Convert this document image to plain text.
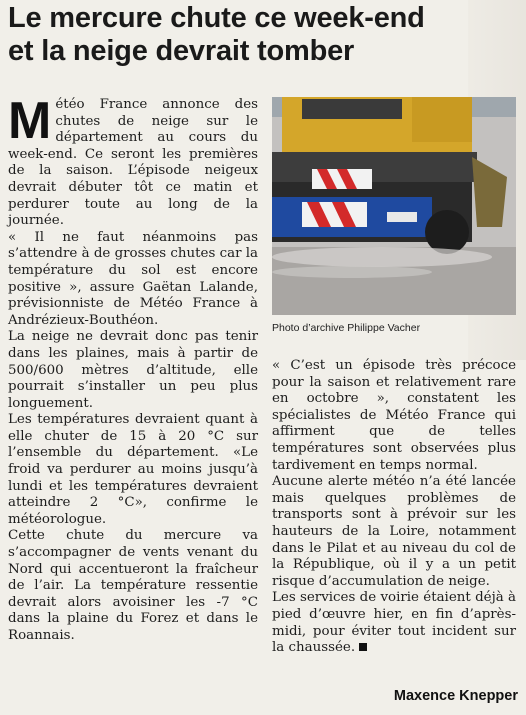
Le mercure chute ce week-end
et la neige devrait tomber

Météo France annonce des chutes de neige sur le département au cours du week-end. Ce seront les premières de la saison. L’épisode neigeux devrait débuter tôt ce matin et perdurer toute au long de la journée.

« Il ne faut néanmoins pas s’attendre à de grosses chutes car la température du sol est encore positive », assure Gaëtan Lalande, prévisionniste de Météo France à Andrézieux-Bouthéon.

La neige ne devrait donc pas tenir dans les plaines, mais à partir de 500/600 mètres d’altitude, elle pourrait s’installer un peu plus longuement.

Les températures devraient quant à elle chuter de 15 à 20 °C sur l’ensemble du département. «Le froid va perdurer au moins jusqu’à lundi et les températures devraient atteindre 2 °C», confirme le météorologue.

Cette chute du mercure va s’accompagner de vents venant du Nord qui accentueront la fraîcheur de l’air. La température ressentie devrait alors avoisiner les -7 °C dans la plaine du Forez et dans le Roannais.

Photo d’archive Philippe Vacher

« C’est un épisode très précoce pour la saison et relativement rare en octobre », constatent les spécialistes de Météo France qui affirment que de telles températures sont observées plus tardivement en temps normal.

Aucune alerte météo n’a été lancée mais quelques problèmes de transports sont à prévoir sur les hauteurs de la Loire, notamment dans le Pilat et au niveau du col de la République, où il y a un petit risque d’accumulation de neige.

Les services de voirie étaient déjà à pied d’œuvre hier, en fin d’après-midi, pour éviter tout incident sur la chaussée.

Maxence Knepper
